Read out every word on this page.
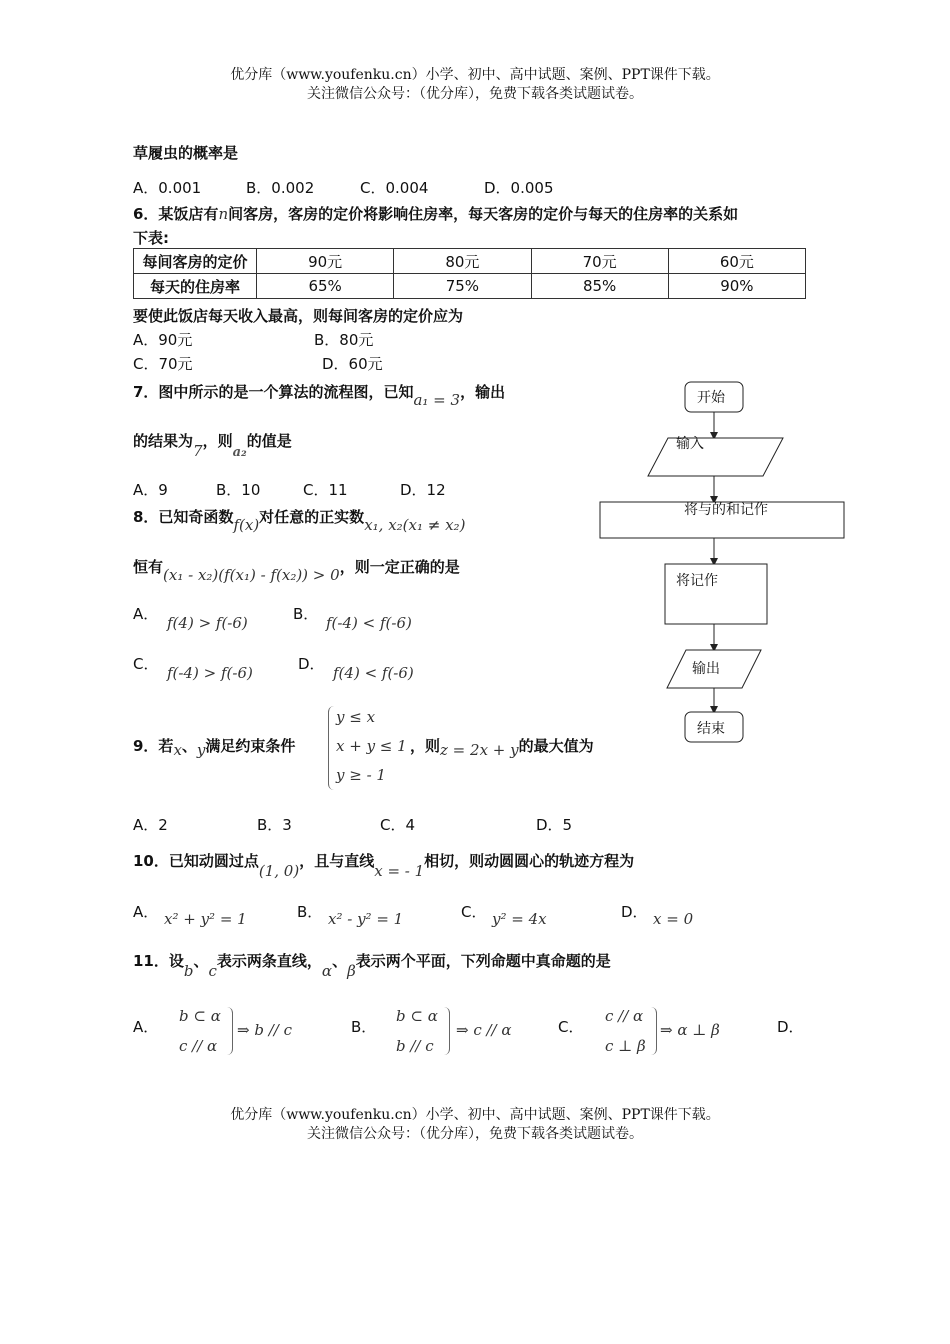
优分库（www.youfenku.cn）小学、初中、高中试题、案例、PPT课件下载。
关注微信公众号：（优分库），免费下载各类试题试卷。
草履虫的概率是
A．0.001	B．0.002	C．0.004	D．0.005
6．某饭店有n间客房，客房的定价将影响住房率，每天客房的定价与每天的住房率的关系如
下表:
每间客房的定价	90元	80元	70元	60元
每天的住房率	65%	75%	85%	90%
要使此饭店每天收入最高，则每间客房的定价应为
A．90元	B．80元
C．70元	D．60元
7．图中所示的是一个算法的流程图，已知a₁ = 3，输出
的结果为7，则a₂的值是
A．9	B．10	C．11	D．12
开始
输入
将与的和记作
将记作
输出
结束
8．已知奇函数f(x)对任意的正实数x₁, x₂(x₁ ≠ x₂)
恒有(x₁ - x₂)(f(x₁) - f(x₂)) > 0，则一定正确的是
A． f(4) > f(-6)	B． f(-4) < f(-6)
C． f(-4) > f(-6)	D． f(4) < f(-6)
9．若x、y满足约束条件
y ≤ x
x + y ≤ 1
y ≥ - 1
，则z = 2x + y的最大值为
A．2	B．3	C．4	D．5
10．已知动圆过点(1, 0)，且与直线x = - 1相切，则动圆圆心的轨迹方程为
A． x² + y² = 1	B． x² - y² = 1	C． y² = 4x	D． x = 0
11．设b、c表示两条直线，α、β表示两个平面，下列命题中真命题的是
A．
b ⊂ α
c // α
⇒ b // c	B．
b ⊂ α
b // c
⇒ c // α	C．
c // α
c ⊥ β
⇒ α ⊥ β	D．
优分库（www.youfenku.cn）小学、初中、高中试题、案例、PPT课件下载。
关注微信公众号：（优分库），免费下载各类试题试卷。
